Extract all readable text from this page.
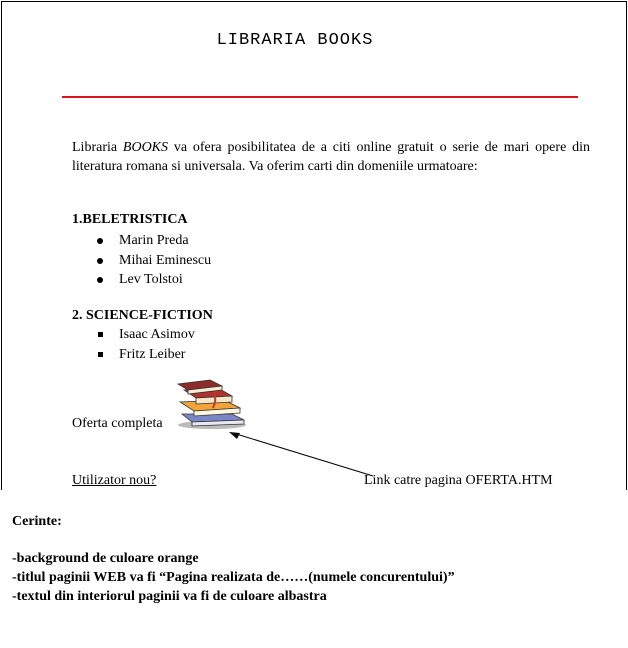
LIBRARIA BOOKS
Libraria BOOKS va ofera posibilitatea de a citi online gratuit o serie de mari opere din literatura romana si universala. Va oferim carti din domeniile urmatoare:
1.BELETRISTICA
Marin Preda
Mihai Eminescu
Lev Tolstoi
2. SCIENCE-FICTION
Isaac Asimov
Fritz Leiber
Oferta completa
Utilizator nou?	Link catre pagina OFERTA.HTM
Cerinte:
-background de culoare orange
-titlul paginii WEB va fi “Pagina realizata de……(numele concurentului)”
-textul din interiorul paginii va fi de culoare albastra
